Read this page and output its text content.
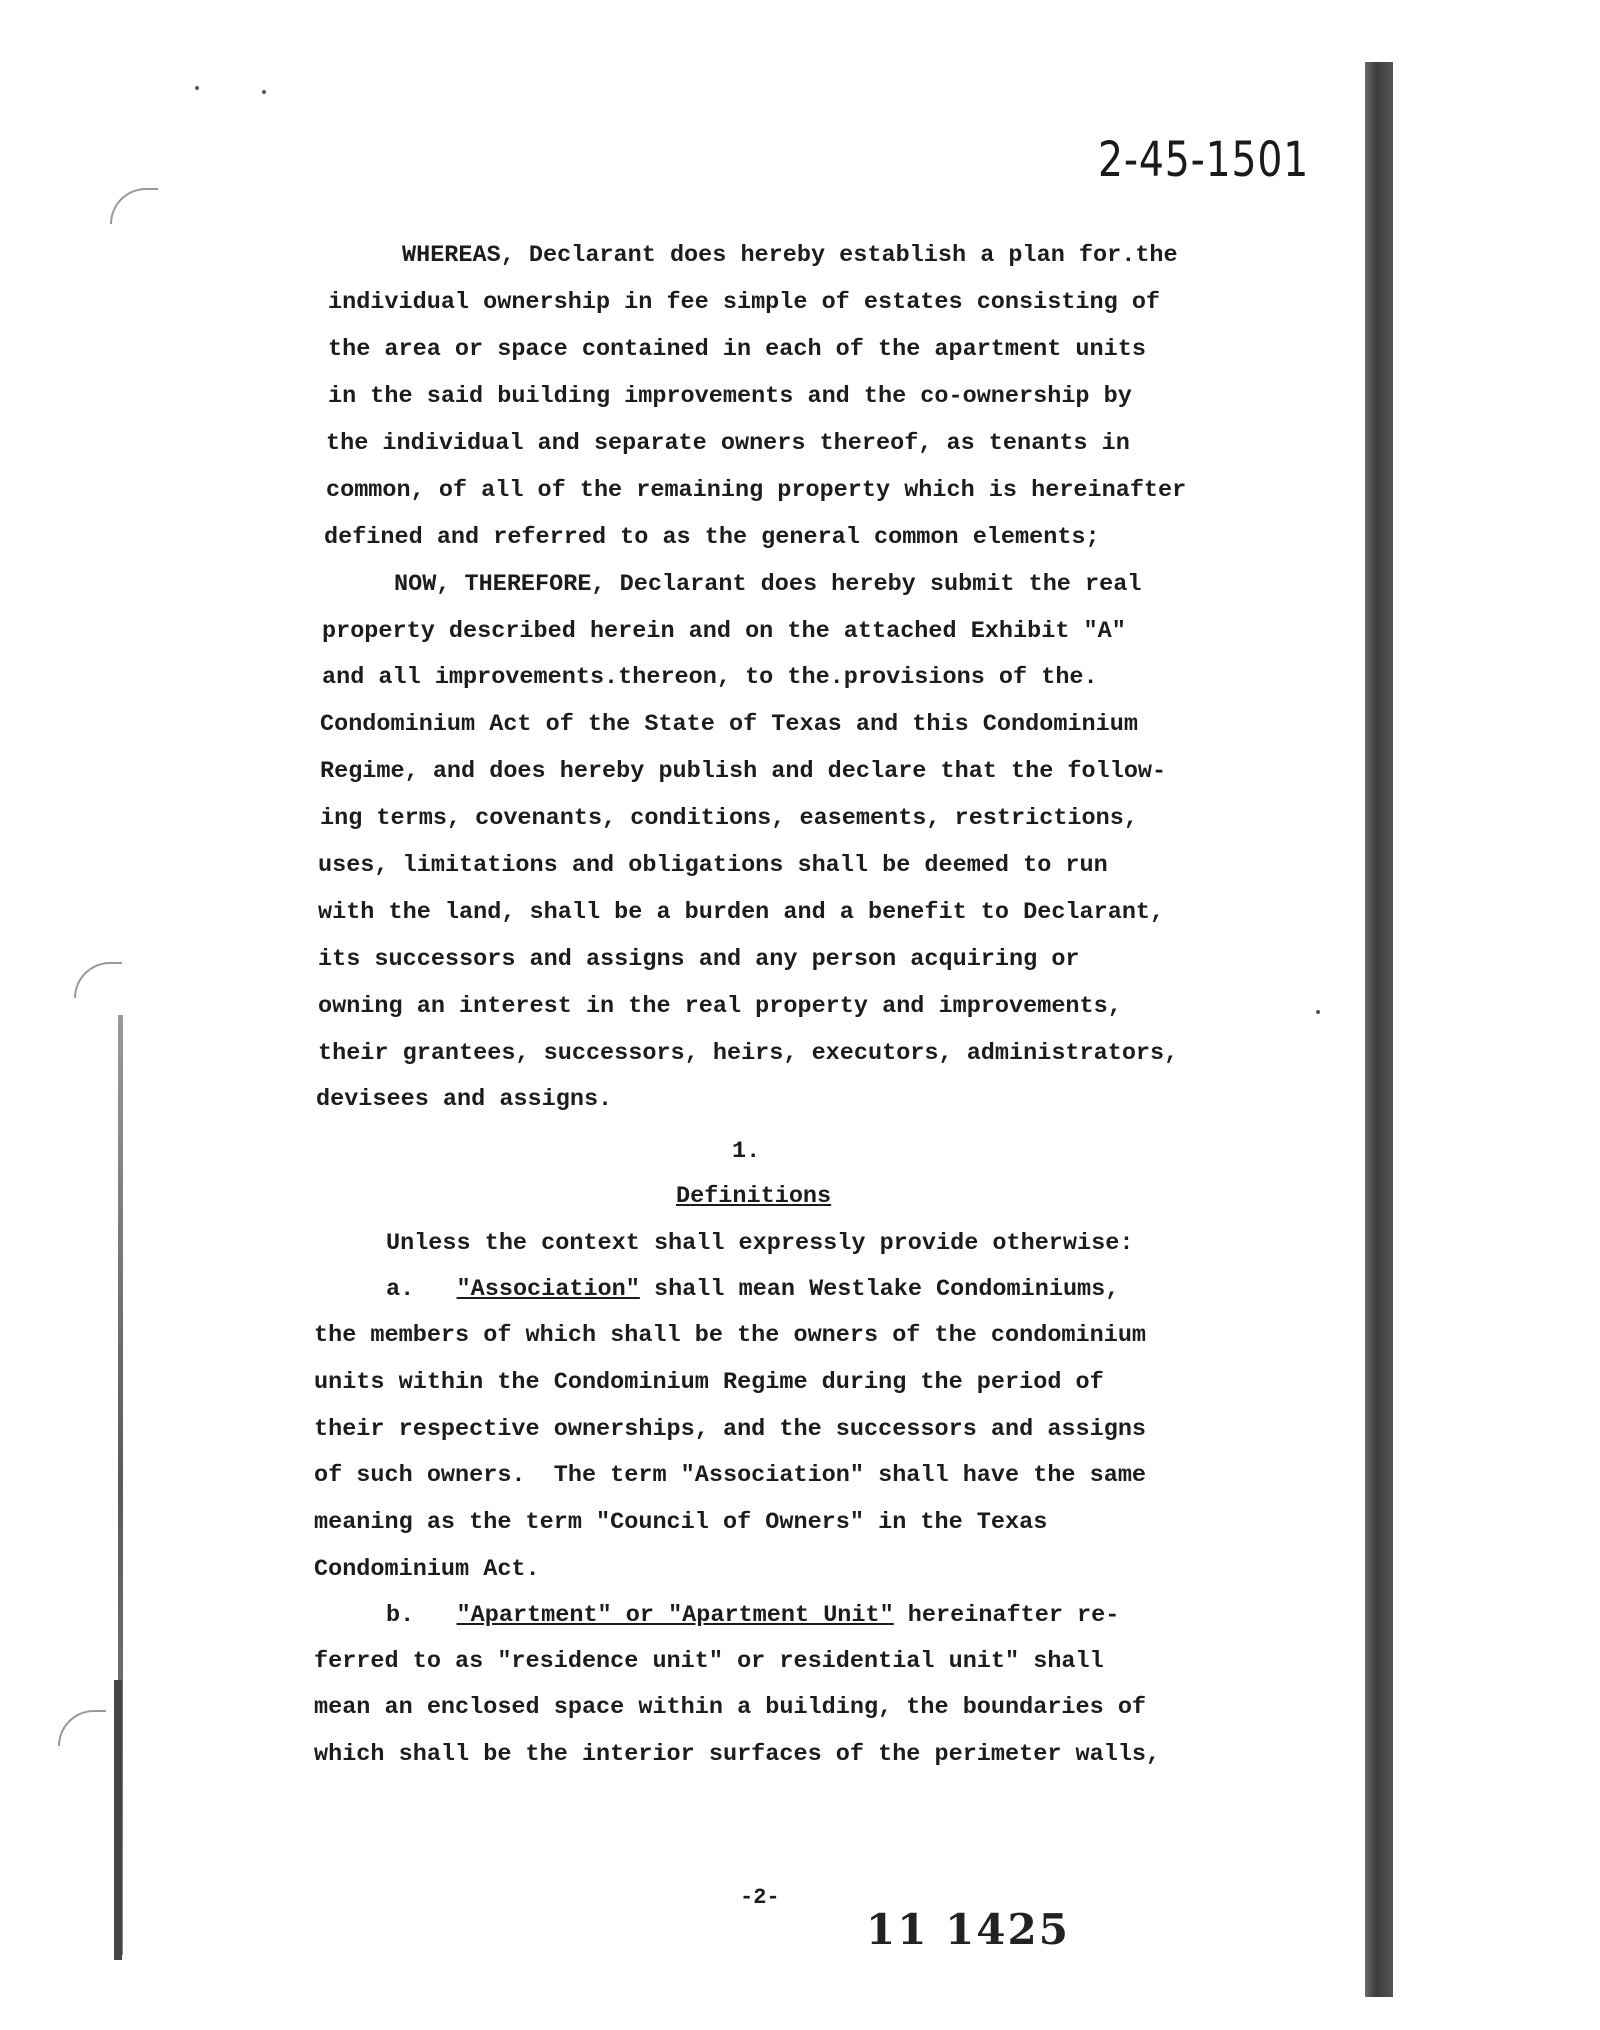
2-45-1501

WHEREAS, Declarant does hereby establish a plan for.the

individual ownership in fee simple of estates consisting of

the area or space contained in each of the apartment units

in the said building improvements and the co-ownership by

the individual and separate owners thereof, as tenants in

common, of all of the remaining property which is hereinafter

defined and referred to as the general common elements;

NOW, THEREFORE, Declarant does hereby submit the real

property described herein and on the attached Exhibit "A"

and all improvements.thereon, to the.provisions of the.

Condominium Act of the State of Texas and this Condominium

Regime, and does hereby publish and declare that the follow-

ing terms, covenants, conditions, easements, restrictions,

uses, limitations and obligations shall be deemed to run

with the land, shall be a burden and a benefit to Declarant,

its successors and assigns and any person acquiring or

owning an interest in the real property and improvements,

their grantees, successors, heirs, executors, administrators,

devisees and assigns.

1.
Definitions

Unless the context shall expressly provide otherwise:

a. "Association" shall mean Westlake Condominiums,

the members of which shall be the owners of the condominium

units within the Condominium Regime during the period of

their respective ownerships, and the successors and assigns

of such owners.  The term "Association" shall have the same

meaning as the term "Council of Owners" in the Texas

Condominium Act.

b. "Apartment" or "Apartment Unit" hereinafter re-

ferred to as "residence unit" or residential unit" shall

mean an enclosed space within a building, the boundaries of

which shall be the interior surfaces of the perimeter walls,

-2-
11 1425
